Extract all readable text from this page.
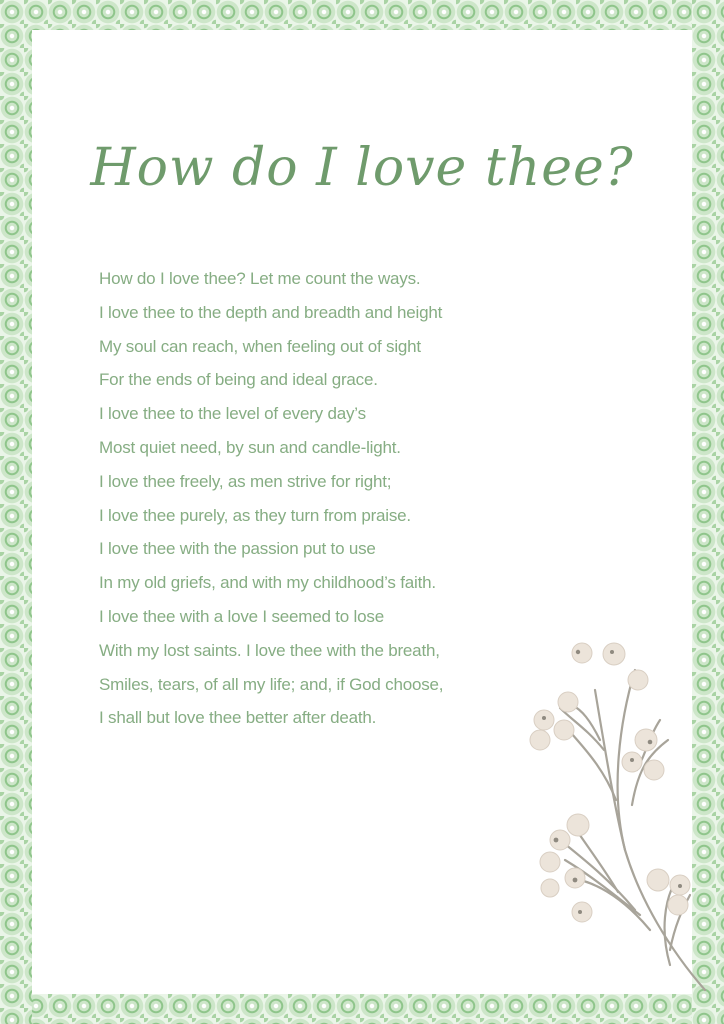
How do I love thee?
How do I love thee? Let me count the ways.
I love thee to the depth and breadth and height
My soul can reach, when feeling out of sight
For the ends of being and ideal grace.
I love thee to the level of every day’s
Most quiet need, by sun and candle-light.
I love thee freely, as men strive for right;
I love thee purely, as they turn from praise.
I love thee with the passion put to use
In my old griefs, and with my childhood’s faith.
I love thee with a love I seemed to lose
With my lost saints. I love thee with the breath,
Smiles, tears, of all my life; and, if God choose,
I shall but love thee better after death.
